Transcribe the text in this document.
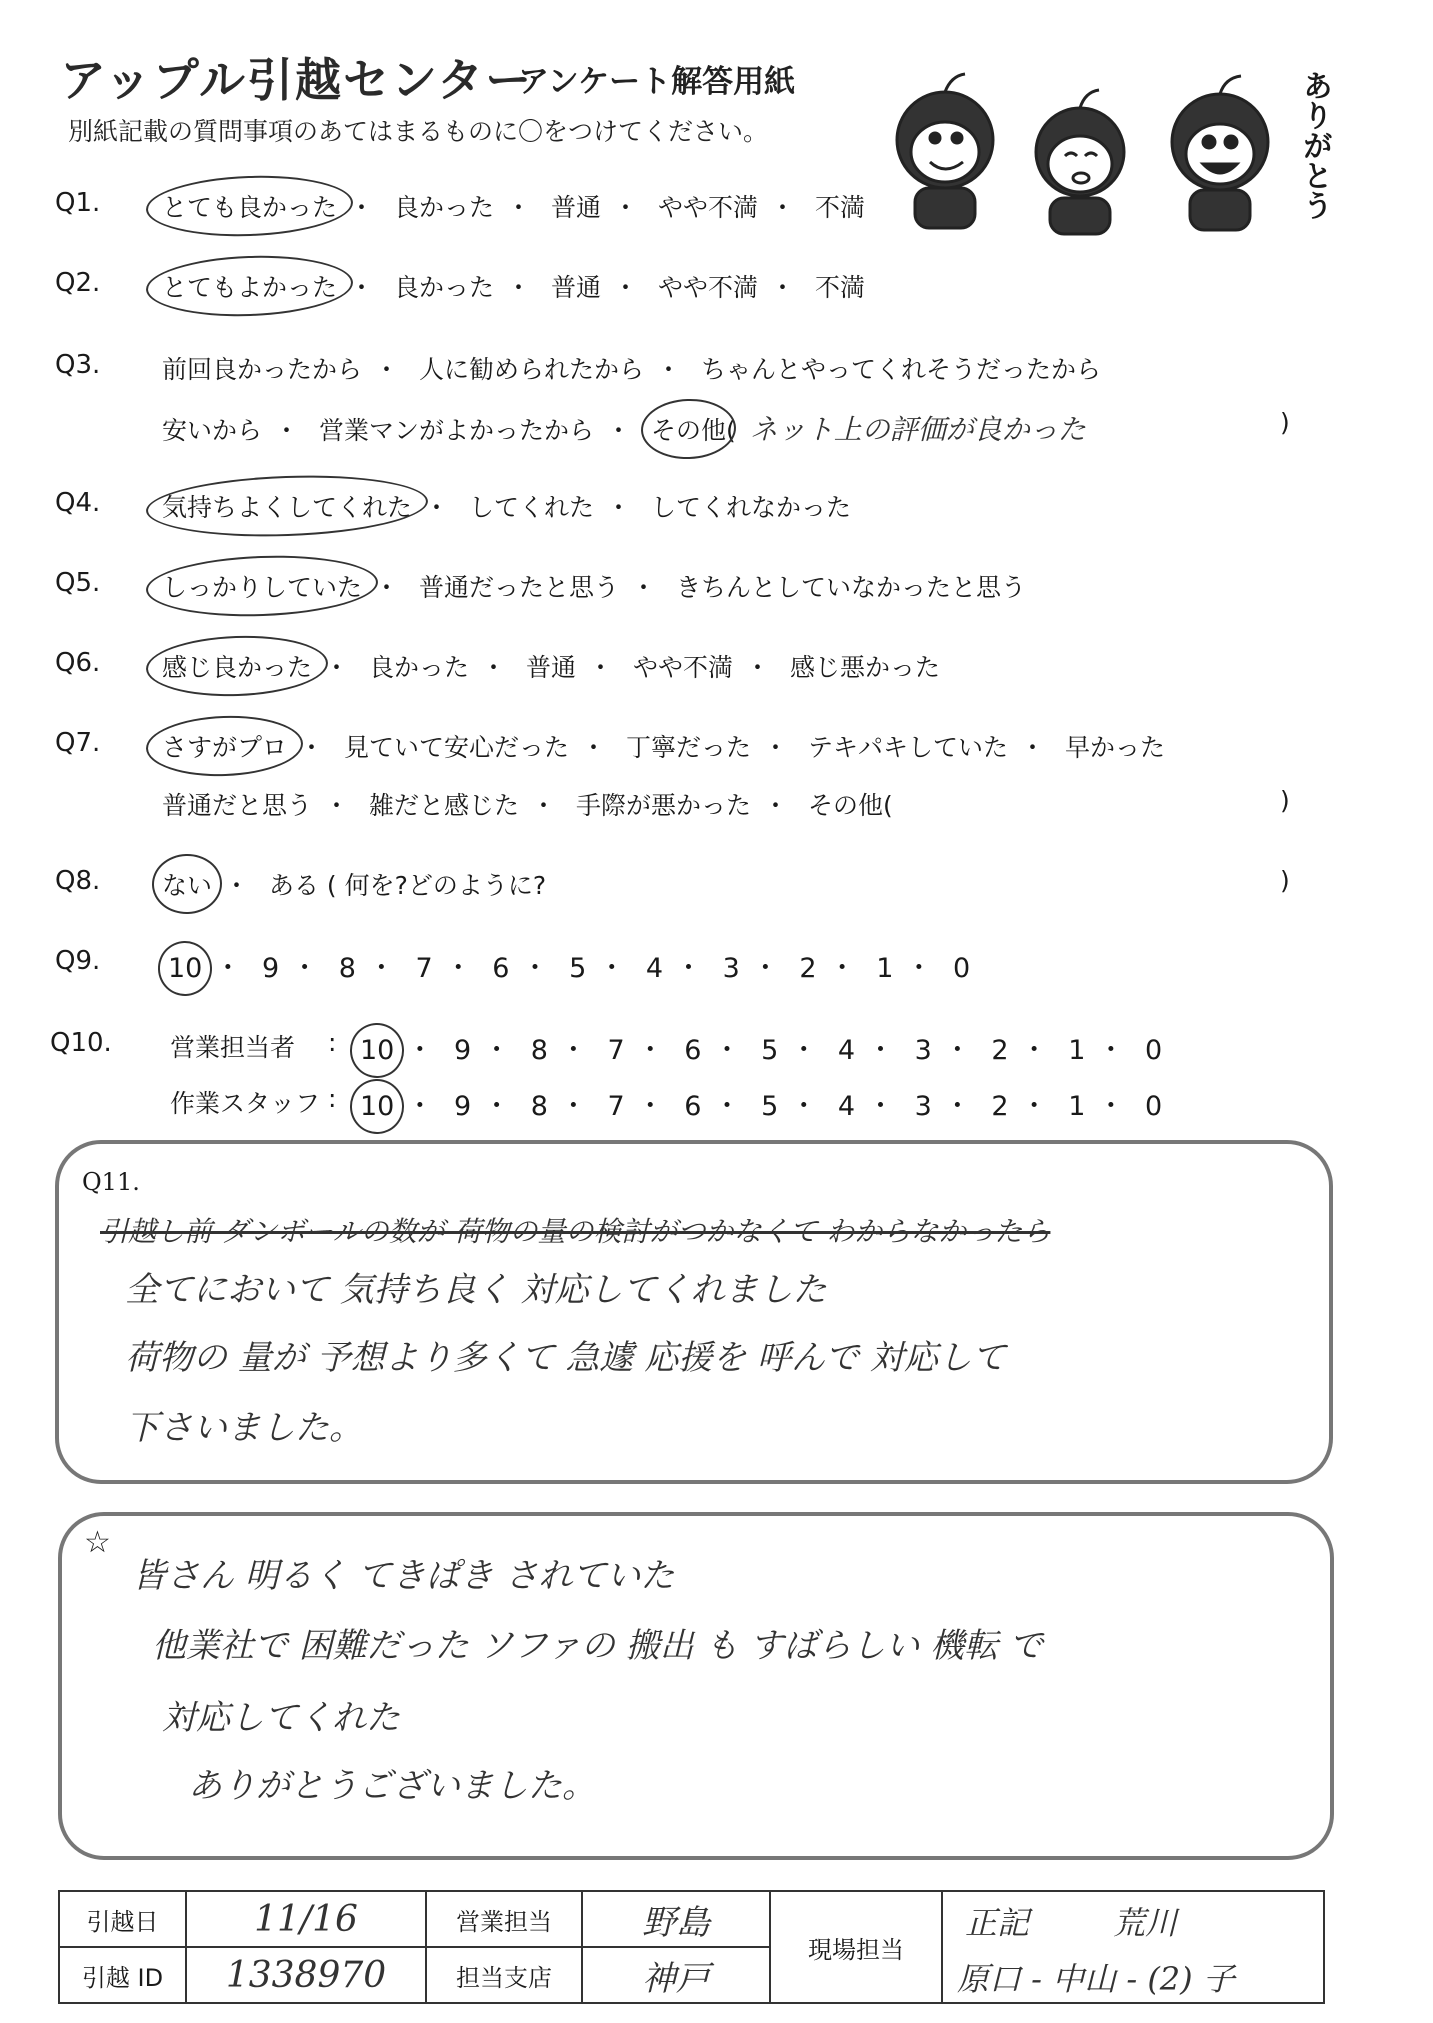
アップル引越センター
アンケート解答用紙
別紙記載の質問事項のあてはまるものに〇をつけてください。	ありがとう
Q1. とても良かった ・ 良かった ・ 普通 ・ やや不満 ・ 不満
Q2. とてもよかった ・ 良かった ・ 普通 ・ やや不満 ・ 不満
Q3. 前回良かったから ・ 人に勧められたから ・ ちゃんとやってくれそうだったから
安いから ・ 営業マンがよかったから ・ その他( ネット上の評価が良かった	)
Q4. 気持ちよくしてくれた ・ してくれた ・ してくれなかった
Q5. しっかりしていた ・ 普通だったと思う ・ きちんとしていなかったと思う
Q6. 感じ良かった ・ 良かった ・ 普通 ・ やや不満 ・ 感じ悪かった
Q7. さすがプロ ・ 見ていて安心だった ・ 丁寧だった ・ テキパキしていた ・ 早かった
普通だと思う ・ 雑だと感じた ・ 手際が悪かった ・ その他(	)
Q8. ない ・ ある ( 何を?どのように?	)
Q9.	10 ・ 9 ・ 8 ・ 7 ・ 6 ・ 5 ・ 4 ・ 3 ・ 2 ・ 1 ・ 0
Q10. 営業担当者 : 10 ・ 9 ・ 8 ・ 7 ・ 6 ・ 5 ・ 4 ・ 3 ・ 2 ・ 1 ・ 0
作業スタッフ : 10 ・ 9 ・ 8 ・ 7 ・ 6 ・ 5 ・ 4 ・ 3 ・ 2 ・ 1 ・ 0
Q11.
引越し前 ダンボールの数が 荷物の量の検討がつかなくて わからなかったら
全てにおいて 気持ち良く 対応してくれました
荷物の 量が 予想より多くて 急遽 応援を 呼んで 対応して
下さいました。
☆
皆さん 明るく てきぱき されていた
他業社で 困難だった ソファの 搬出 も すばらしい 機転 で
対応してくれた
ありがとうございました。
引越日	11/16	営業担当	野島	現場担当	正記 荒川
原口 - 中山 - (2) 子

引越 ID	1338970	担当支店	神戸		
